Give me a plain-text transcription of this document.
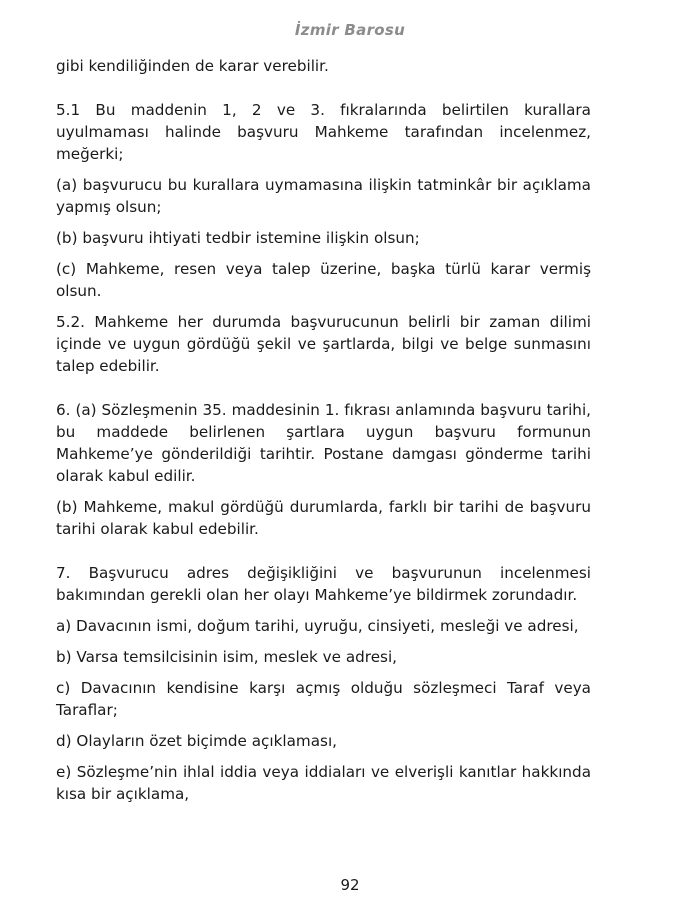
İzmir Barosu

gibi kendiliğinden de karar verebilir.

5.1 Bu maddenin 1, 2 ve 3. fıkralarında belirtilen kurallara uyulmaması halinde başvuru Mahkeme tarafından incelenmez, meğerki;

(a) başvurucu bu kurallara uymamasına ilişkin tatminkâr bir açıklama yapmış olsun;

(b) başvuru ihtiyati tedbir istemine ilişkin olsun;

(c) Mahkeme, resen veya talep üzerine, başka türlü karar vermiş olsun.

5.2. Mahkeme her durumda başvurucunun belirli bir zaman dilimi içinde ve uygun gördüğü şekil ve şartlarda, bilgi ve belge sunmasını talep edebilir.

6. (a) Sözleşmenin 35. maddesinin 1. fıkrası anlamında başvuru tarihi, bu maddede belirlenen şartlara uygun başvuru formunun Mahkeme’ye gönderildiği tarihtir. Postane damgası gönderme tarihi olarak kabul edilir.

(b) Mahkeme, makul gördüğü durumlarda, farklı bir tarihi de başvuru tarihi olarak kabul edebilir.

7. Başvurucu adres değişikliğini ve başvurunun incelenmesi bakımından gerekli olan her olayı Mahkeme’ye bildirmek zorundadır.

a) Davacının ismi, doğum tarihi, uyruğu, cinsiyeti, mesleği ve adresi,

b) Varsa temsilcisinin isim, meslek ve adresi,

c) Davacının kendisine karşı açmış olduğu sözleşmeci Taraf veya Taraflar;

d) Olayların özet biçimde açıklaması,

e) Sözleşme’nin ihlal iddia veya iddiaları ve elverişli kanıtlar hakkında kısa bir açıklama,

92
